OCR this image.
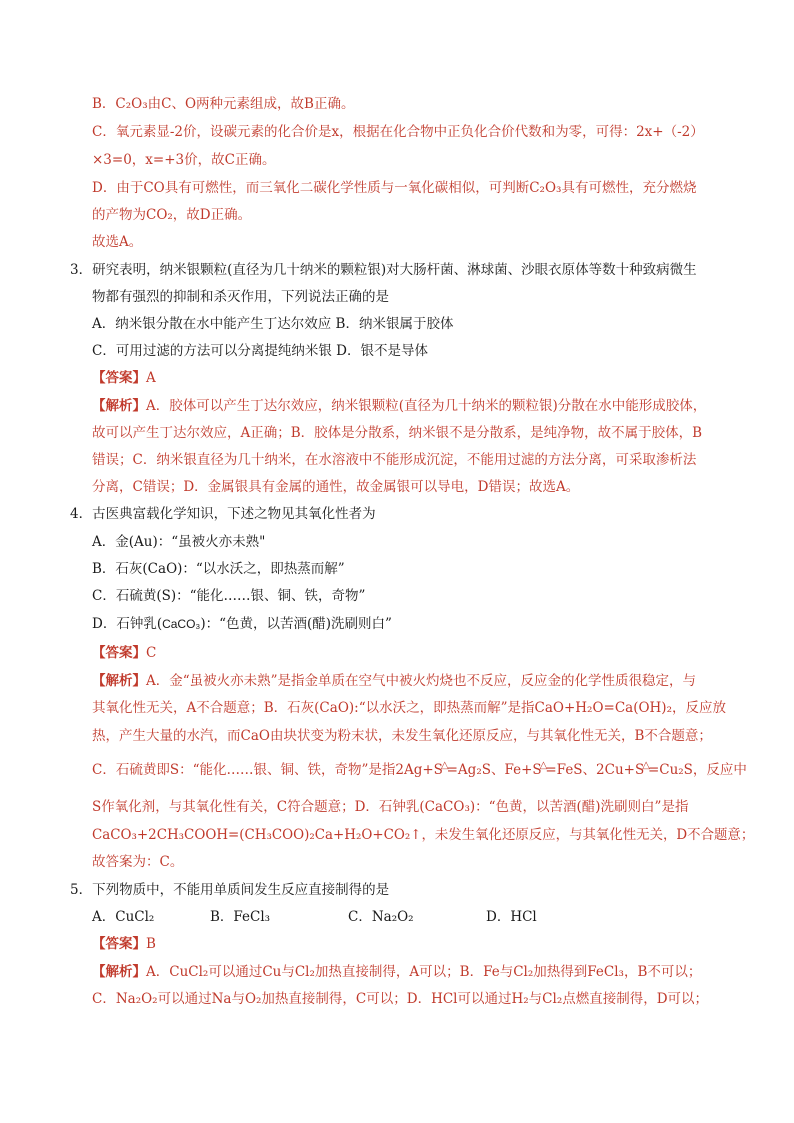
B．C₂O₃由C、O两种元素组成，故B正确。
C．氧元素显-2价，设碳元素的化合价是x，根据在化合物中正负化合价代数和为零，可得：2x+（-2）
×3=0，x=+3价，故C正确。
D．由于CO具有可燃性，而三氧化二碳化学性质与一氧化碳相似，可判断C₂O₃具有可燃性，充分燃烧
的产物为CO₂，故D正确。
故选A。
3．研究表明，纳米银颗粒(直径为几十纳米的颗粒银)对大肠杆菌、淋球菌、沙眼衣原体等数十种致病微生
物都有强烈的抑制和杀灭作用，下列说法正确的是
A．纳米银分散在水中能产生丁达尔效应 B．纳米银属于胶体
C．可用过滤的方法可以分离提纯纳米银 D．银不是导体
【答案】A
【解析】A．胶体可以产生丁达尔效应，纳米银颗粒(直径为几十纳米的颗粒银)分散在水中能形成胶体，
故可以产生丁达尔效应，A正确；B．胶体是分散系，纳米银不是分散系，是纯净物，故不属于胶体，B
错误；C．纳米银直径为几十纳米，在水溶液中不能形成沉淀，不能用过滤的方法分离，可采取渗析法
分离，C错误；D．金属银具有金属的通性，故金属银可以导电，D错误；故选A。
4．古医典富载化学知识，下述之物见其氧化性者为
A．金(Au)：“虽被火亦未熟"
B．石灰(CaO)：“以水沃之，即热蒸而解”
C．石硫黄(S)：“能化……银、铜、铁，奇物”
D．石钟乳(CaCO₃)：“色黄，以苦酒(醋)洗刷则白”
【答案】C
【解析】A．金“虽被火亦未熟”是指金单质在空气中被火灼烧也不反应，反应金的化学性质很稳定，与
其氧化性无关，A不合题意；B．石灰(CaO):“以水沃之，即热蒸而解”是指CaO+H₂O=Ca(OH)₂，反应放
热，产生大量的水汽，而CaO由块状变为粉末状，未发生氧化还原反应，与其氧化性无关，B不合题意；
C．石硫黄即S：“能化……银、铜、铁，奇物”是指2Ag+S△=Ag₂S、Fe+S△=FeS、2Cu+S△=Cu₂S，反应中
S作氧化剂，与其氧化性有关，C符合题意；D．石钟乳(CaCO₃)：“色黄，以苦酒(醋)洗刷则白”是指
CaCO₃+2CH₃COOH=(CH₃COO)₂Ca+H₂O+CO₂↑，未发生氧化还原反应，与其氧化性无关，D不合题意；
故答案为：C。
5．下列物质中，不能用单质间发生反应直接制得的是
A．CuCl₂	B．FeCl₃	C．Na₂O₂	D．HCl
【答案】B
【解析】A．CuCl₂可以通过Cu与Cl₂加热直接制得，A可以；B．Fe与Cl₂加热得到FeCl₃，B不可以；
C．Na₂O₂可以通过Na与O₂加热直接制得，C可以；D．HCl可以通过H₂与Cl₂点燃直接制得，D可以；
